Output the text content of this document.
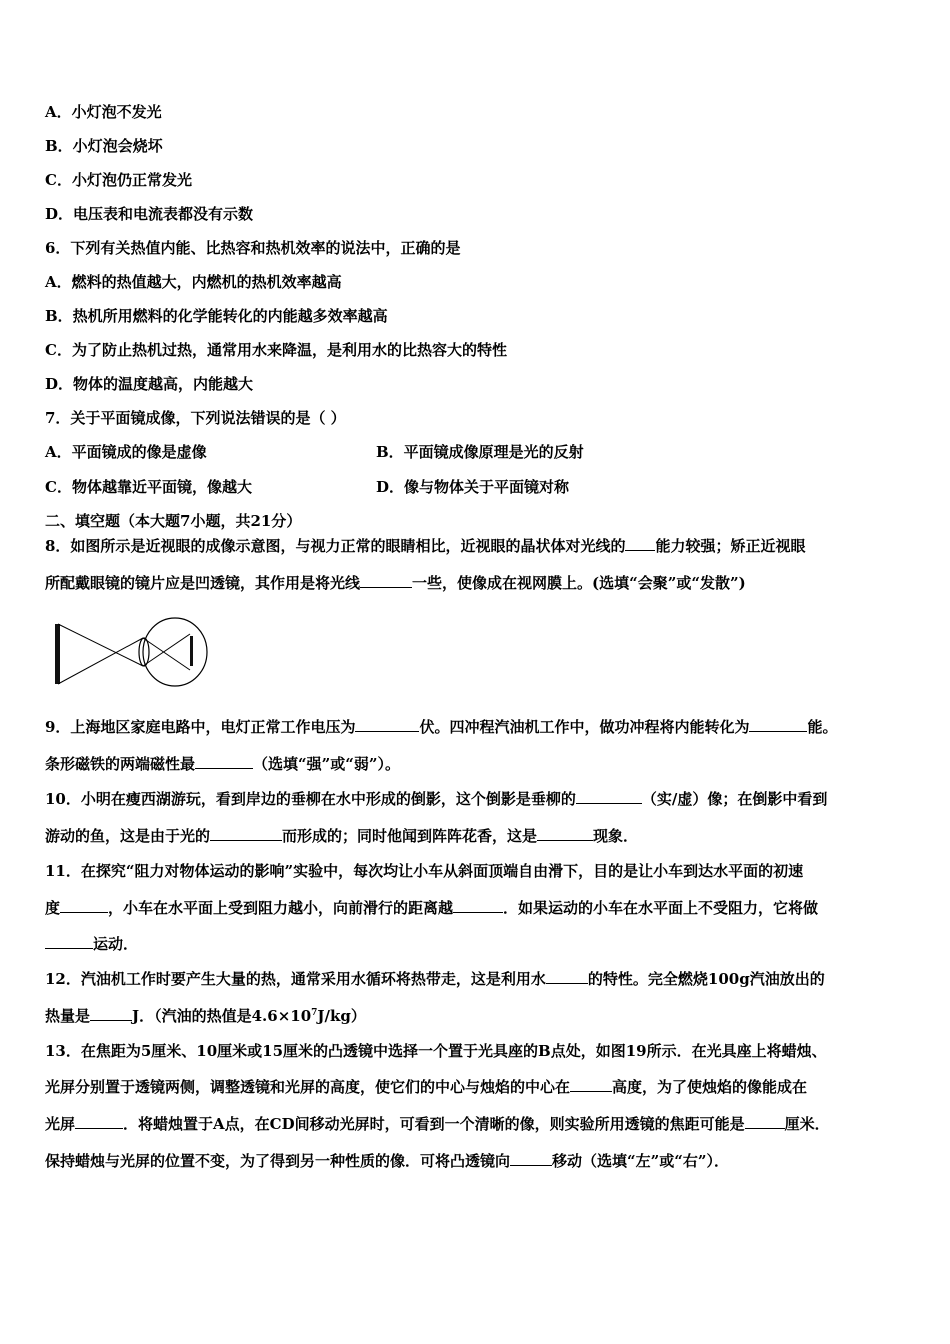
A．小灯泡不发光
B．小灯泡会烧坏
C．小灯泡仍正常发光
D．电压表和电流表都没有示数
6．下列有关热值内能、比热容和热机效率的说法中，正确的是
A．燃料的热值越大，内燃机的热机效率越高
B．热机所用燃料的化学能转化的内能越多效率越高
C．为了防止热机过热，通常用水来降温，是利用水的比热容大的特性
D．物体的温度越高，内能越大
7．关于平面镜成像，下列说法错误的是（ ）
A．平面镜成的像是虚像	B．平面镜成像原理是光的反射
C．物体越靠近平面镜，像越大	D．像与物体关于平面镜对称
二、填空题（本大题7小题，共21分）
8．如图所示是近视眼的成像示意图，与视力正常的眼睛相比，近视眼的晶状体对光线的 能力较强；矫正近视眼
所配戴眼镜的镜片应是凹透镜，其作用是将光线	一些，使像成在视网膜上。(选填“会聚”或“发散”)
9．上海地区家庭电路中，电灯正常工作电压为	伏。四冲程汽油机工作中，做功冲程将内能转化为	能。
条形磁铁的两端磁性最	（选填“强”或“弱”）。
10．小明在瘦西湖游玩，看到岸边的垂柳在水中形成的倒影，这个倒影是垂柳的	（实/虚）像；在倒影中看到
游动的鱼，这是由于光的	而形成的；同时他闻到阵阵花香，这是	现象．
11．在探究“阻力对物体运动的影响”实验中，每次均让小车从斜面顶端自由滑下，目的是让小车到达水平面的初速
度	，小车在水平面上受到阻力越小，向前滑行的距离越	．如果运动的小车在水平面上不受阻力，它将做
运动．
12．汽油机工作时要产生大量的热，通常采用水循环将热带走，这是利用水	的特性。完全燃烧100g汽油放出的
热量是	J．（汽油的热值是$4.6\times 10^7J/kg$）
13．在焦距为5厘米、10厘米或15厘米的凸透镜中选择一个置于光具座的B点处，如图19所示．在光具座上将蜡烛、
光屏分别置于透镜两侧，调整透镜和光屏的高度，使它们的中心与烛焰的中心在	高度，为了使烛焰的像能成在
光屏	．将蜡烛置于A点，在CD间移动光屏时，可看到一个清晰的像，则实验所用透镜的焦距可能是	厘米．
保持蜡烛与光屏的位置不变，为了得到另一种性质的像．可将凸透镜向	移动（选填“左”或“右”）．
